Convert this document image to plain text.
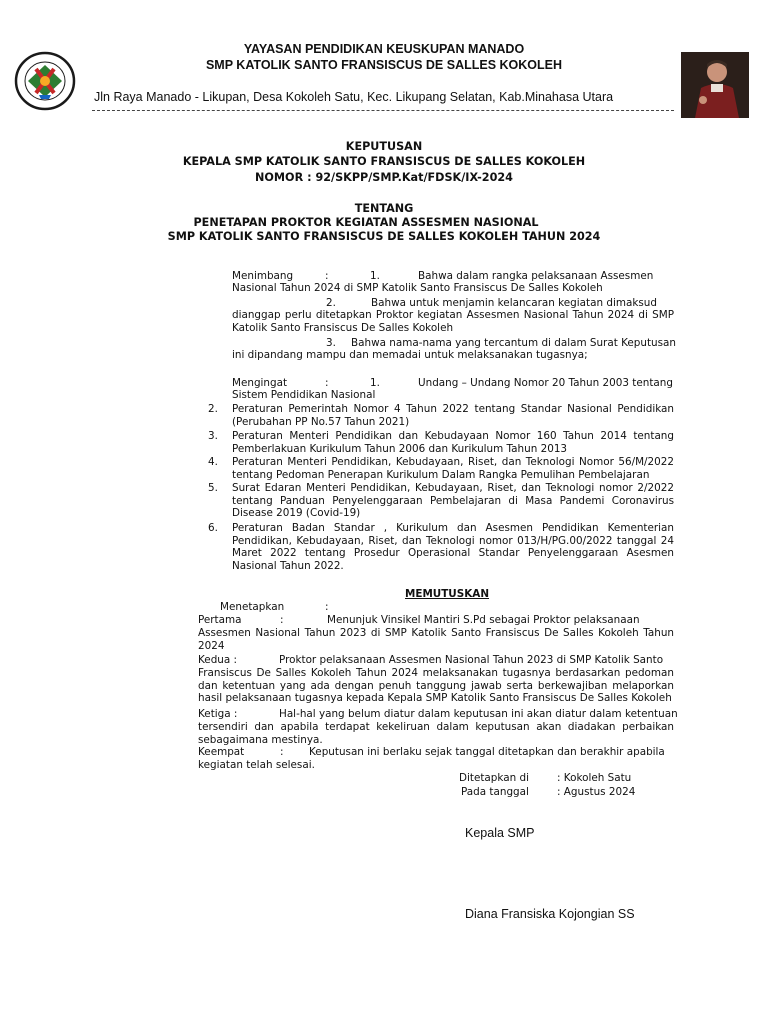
YAYASAN PENDIDIKAN KEUSKUPAN MANADO
SMP KATOLIK SANTO FRANSISCUS DE SALLES KOKOLEH
Jln Raya Manado - Likupan, Desa Kokoleh Satu, Kec. Likupang Selatan, Kab.Minahasa Utara
KEPUTUSAN
KEPALA SMP KATOLIK SANTO FRANSISCUS DE SALLES KOKOLEH
NOMOR : 92/SKPP/SMP.Kat/FDSK/IX-2024
TENTANG
PENETAPAN PROKTOR KEGIATAN ASSESMEN NASIONAL
SMP KATOLIK SANTO FRANSISCUS DE SALLES KOKOLEH TAHUN 2024
Menimbang	:	1.	Bahwa dalam rangka pelaksanaan Assesmen
Nasional Tahun 2024 di SMP Katolik Santo Fransiscus De Salles Kokoleh
2.	Bahwa untuk menjamin kelancaran kegiatan dimaksud
dianggap perlu ditetapkan Proktor kegiatan Assesmen Nasional Tahun 2024 di SMP Katolik Santo Fransiscus De Salles Kokoleh
3. Bahwa nama-nama yang tercantum di dalam Surat Keputusan
ini dipandang mampu dan memadai untuk melaksanakan tugasnya;
Mengingat	:	1.	Undang – Undang Nomor 20 Tahun 2003 tentang
Sistem Pendidikan Nasional
2. Peraturan Pemerintah Nomor 4 Tahun 2022 tentang Standar Nasional Pendidikan (Perubahan PP No.57 Tahun 2021)
3. Peraturan Menteri Pendidikan dan Kebudayaan Nomor 160 Tahun 2014 tentang Pemberlakuan Kurikulum Tahun 2006 dan Kurikulum Tahun 2013
4. Peraturan Menteri Pendidikan, Kebudayaan, Riset, dan Teknologi Nomor 56/M/2022 tentang Pedoman Penerapan Kurikulum Dalam Rangka Pemulihan Pembelajaran
5. Surat Edaran Menteri Pendidikan, Kebudayaan, Riset, dan Teknologi nomor 2/2022 tentang Panduan Penyelenggaraan Pembelajaran di Masa Pandemi Coronavirus Disease 2019 (Covid-19)
6. Peraturan Badan Standar , Kurikulum dan Asesmen Pendidikan Kementerian Pendidikan, Kebudayaan, Riset, dan Teknologi nomor 013/H/PG.00/2022 tanggal 24 Maret 2022 tentang Prosedur Operasional Standar Penyelenggaraan Asesmen Nasional Tahun 2022.
MEMUTUSKAN
Menetapkan	:
Pertama	:	Menunjuk Vinsikel Mantiri S.Pd sebagai Proktor pelaksanaan
Assesmen Nasional Tahun 2023 di SMP Katolik Santo Fransiscus De Salles Kokoleh Tahun 2024
Kedua :	Proktor pelaksanaan Assesmen Nasional Tahun 2023 di SMP Katolik Santo
Fransiscus De Salles Kokoleh Tahun 2024 melaksanakan tugasnya berdasarkan pedoman dan ketentuan yang ada dengan penuh tanggung jawab serta berkewajiban melaporkan hasil pelaksanaan tugasnya kepada Kepala SMP Katolik Santo Fransiscus De Salles Kokoleh
Ketiga :	Hal-hal yang belum diatur dalam keputusan ini akan diatur dalam ketentuan
tersendiri dan apabila terdapat kekeliruan dalam keputusan akan diadakan perbaikan sebagaimana mestinya.
Keempat	: Keputusan ini berlaku sejak tanggal ditetapkan dan berakhir apabila
kegiatan telah selesai.
Ditetapkan di	: Kokoleh Satu
Pada tanggal	: Agustus 2024
Kepala SMP
Diana Fransiska Kojongian SS
